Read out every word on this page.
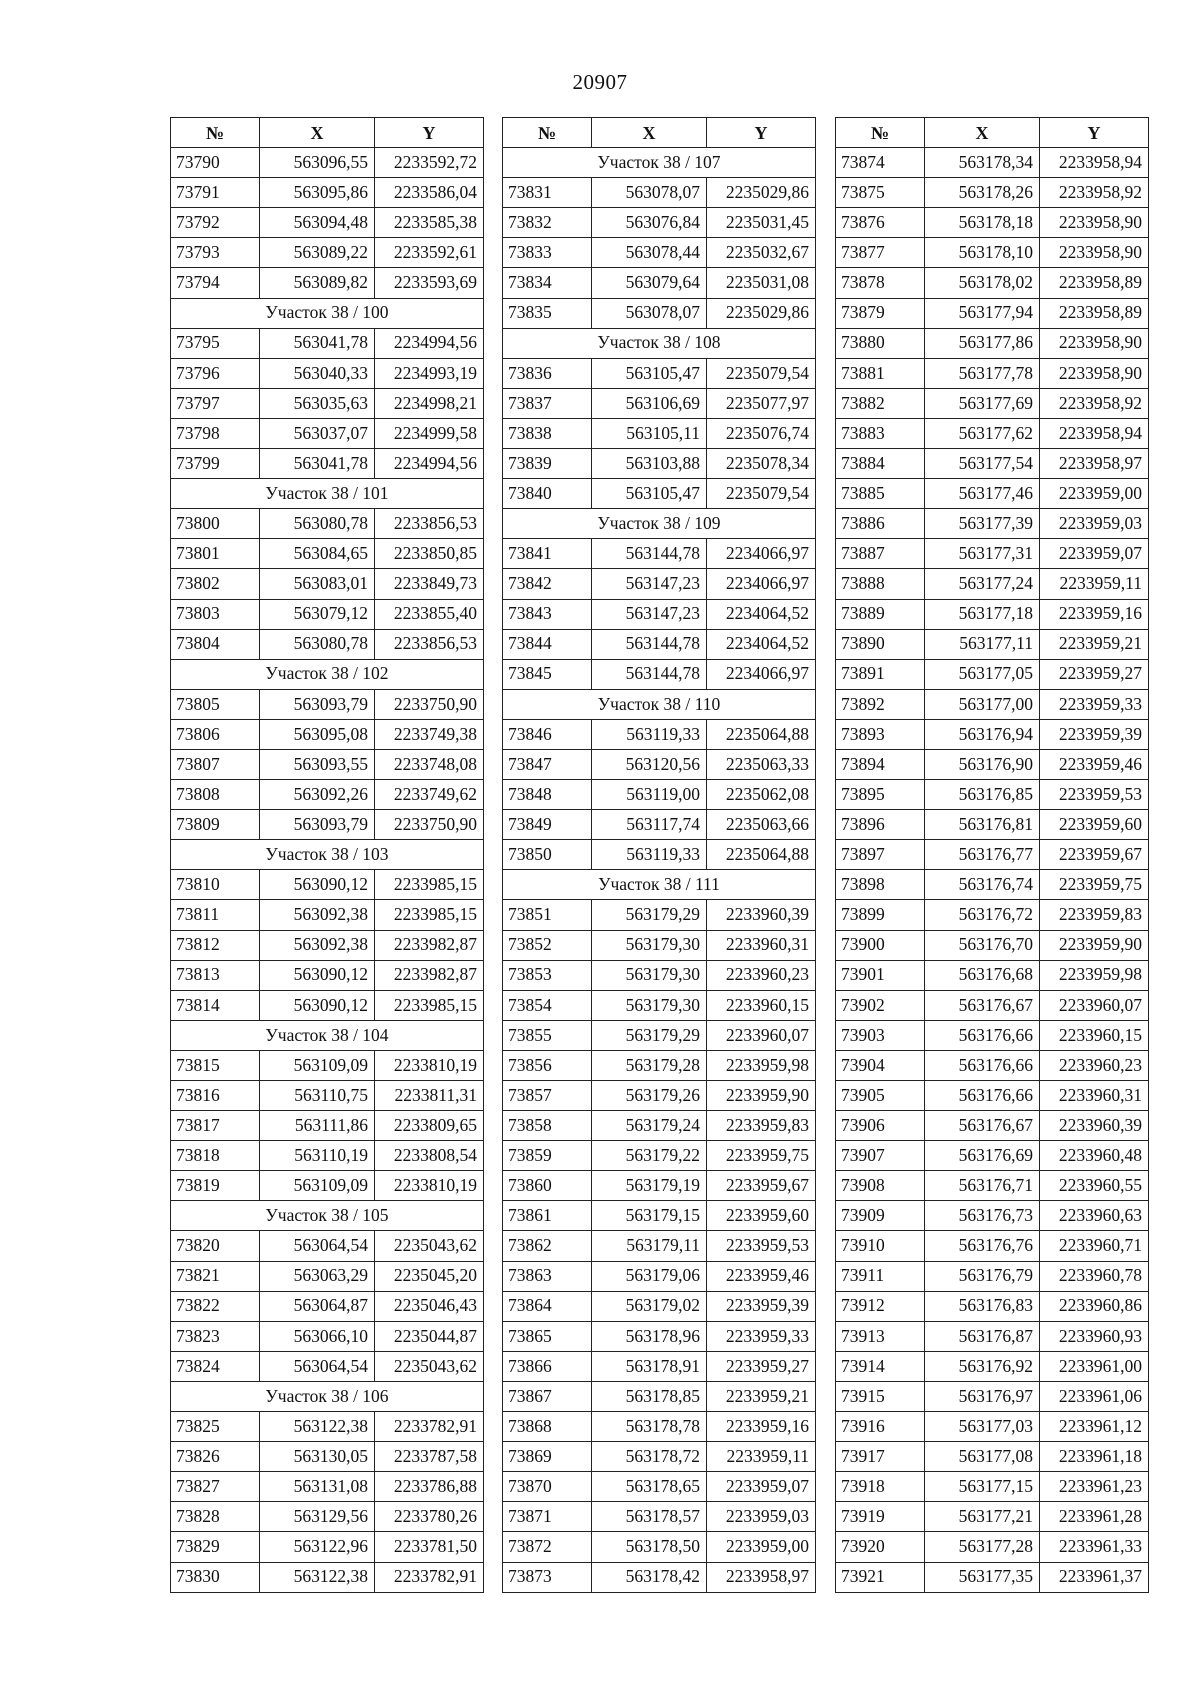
20907
№	X	Y
73790	563096,55	2233592,72
73791	563095,86	2233586,04
73792	563094,48	2233585,38
73793	563089,22	2233592,61
73794	563089,82	2233593,69
Участок 38 / 100		
73795	563041,78	2234994,56
73796	563040,33	2234993,19
73797	563035,63	2234998,21
73798	563037,07	2234999,58
73799	563041,78	2234994,56
Участок 38 / 101		
73800	563080,78	2233856,53
73801	563084,65	2233850,85
73802	563083,01	2233849,73
73803	563079,12	2233855,40
73804	563080,78	2233856,53
Участок 38 / 102		
73805	563093,79	2233750,90
73806	563095,08	2233749,38
73807	563093,55	2233748,08
73808	563092,26	2233749,62
73809	563093,79	2233750,90
Участок 38 / 103		
73810	563090,12	2233985,15
73811	563092,38	2233985,15
73812	563092,38	2233982,87
73813	563090,12	2233982,87
73814	563090,12	2233985,15
Участок 38 / 104		
73815	563109,09	2233810,19
73816	563110,75	2233811,31
73817	563111,86	2233809,65
73818	563110,19	2233808,54
73819	563109,09	2233810,19
Участок 38 / 105		
73820	563064,54	2235043,62
73821	563063,29	2235045,20
73822	563064,87	2235046,43
73823	563066,10	2235044,87
73824	563064,54	2235043,62
Участок 38 / 106		
73825	563122,38	2233782,91
73826	563130,05	2233787,58
73827	563131,08	2233786,88
73828	563129,56	2233780,26
73829	563122,96	2233781,50
73830	563122,38	2233782,91
№	X	Y
Участок 38 / 107		
73831	563078,07	2235029,86
73832	563076,84	2235031,45
73833	563078,44	2235032,67
73834	563079,64	2235031,08
73835	563078,07	2235029,86
Участок 38 / 108		
73836	563105,47	2235079,54
73837	563106,69	2235077,97
73838	563105,11	2235076,74
73839	563103,88	2235078,34
73840	563105,47	2235079,54
Участок 38 / 109		
73841	563144,78	2234066,97
73842	563147,23	2234066,97
73843	563147,23	2234064,52
73844	563144,78	2234064,52
73845	563144,78	2234066,97
Участок 38 / 110		
73846	563119,33	2235064,88
73847	563120,56	2235063,33
73848	563119,00	2235062,08
73849	563117,74	2235063,66
73850	563119,33	2235064,88
Участок 38 / 111		
73851	563179,29	2233960,39
73852	563179,30	2233960,31
73853	563179,30	2233960,23
73854	563179,30	2233960,15
73855	563179,29	2233960,07
73856	563179,28	2233959,98
73857	563179,26	2233959,90
73858	563179,24	2233959,83
73859	563179,22	2233959,75
73860	563179,19	2233959,67
73861	563179,15	2233959,60
73862	563179,11	2233959,53
73863	563179,06	2233959,46
73864	563179,02	2233959,39
73865	563178,96	2233959,33
73866	563178,91	2233959,27
73867	563178,85	2233959,21
73868	563178,78	2233959,16
73869	563178,72	2233959,11
73870	563178,65	2233959,07
73871	563178,57	2233959,03
73872	563178,50	2233959,00
73873	563178,42	2233958,97
№	X	Y
73874	563178,34	2233958,94
73875	563178,26	2233958,92
73876	563178,18	2233958,90
73877	563178,10	2233958,90
73878	563178,02	2233958,89
73879	563177,94	2233958,89
73880	563177,86	2233958,90
73881	563177,78	2233958,90
73882	563177,69	2233958,92
73883	563177,62	2233958,94
73884	563177,54	2233958,97
73885	563177,46	2233959,00
73886	563177,39	2233959,03
73887	563177,31	2233959,07
73888	563177,24	2233959,11
73889	563177,18	2233959,16
73890	563177,11	2233959,21
73891	563177,05	2233959,27
73892	563177,00	2233959,33
73893	563176,94	2233959,39
73894	563176,90	2233959,46
73895	563176,85	2233959,53
73896	563176,81	2233959,60
73897	563176,77	2233959,67
73898	563176,74	2233959,75
73899	563176,72	2233959,83
73900	563176,70	2233959,90
73901	563176,68	2233959,98
73902	563176,67	2233960,07
73903	563176,66	2233960,15
73904	563176,66	2233960,23
73905	563176,66	2233960,31
73906	563176,67	2233960,39
73907	563176,69	2233960,48
73908	563176,71	2233960,55
73909	563176,73	2233960,63
73910	563176,76	2233960,71
73911	563176,79	2233960,78
73912	563176,83	2233960,86
73913	563176,87	2233960,93
73914	563176,92	2233961,00
73915	563176,97	2233961,06
73916	563177,03	2233961,12
73917	563177,08	2233961,18
73918	563177,15	2233961,23
73919	563177,21	2233961,28
73920	563177,28	2233961,33
73921	563177,35	2233961,37
